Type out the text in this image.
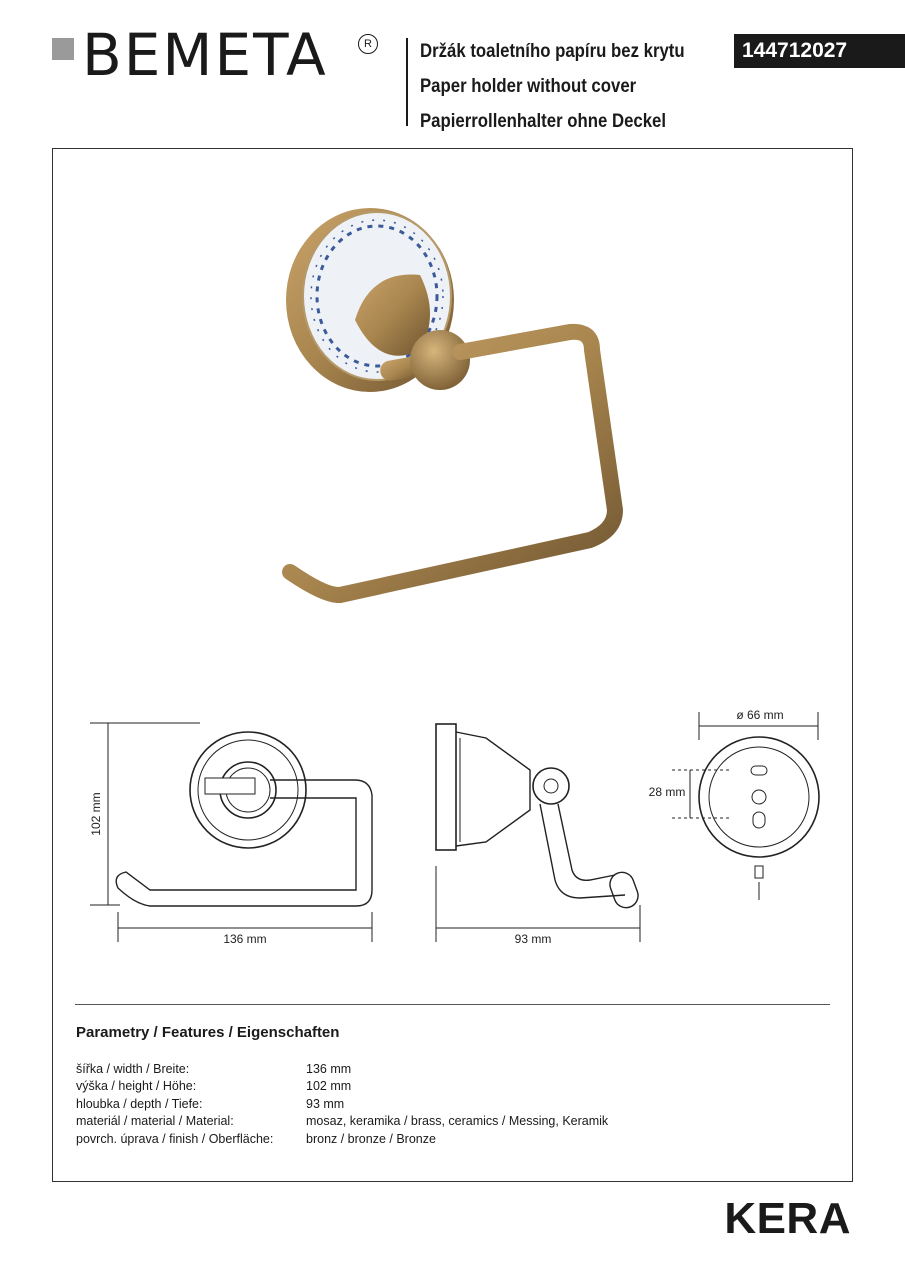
BEMETA	R	Držák toaletního papíru bez krytu
Paper holder without cover
Papierrollenhalter ohne Deckel
144712027
102 mm
136 mm	93 mm
ø 66 mm
28 mm
Parametry / Features / Eigenschaften
šířka / width / Breite:	136 mm
výška / height / Höhe:	102 mm
hloubka / depth / Tiefe:	93 mm
materiál / material / Material:	mosaz, keramika / brass, ceramics / Messing, Keramik
povrch. úprava / finish / Oberfläche:	bronz / bronze / Bronze
KERA
